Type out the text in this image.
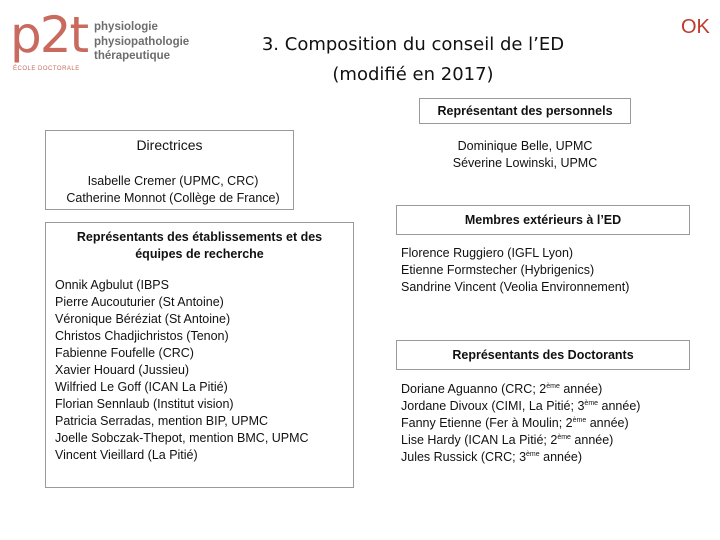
p2t physiologie
physiopathologie
thérapeutique
ÉCOLE DOCTORALE
3. Composition du conseil de l’ED
(modifié en 2017)
OK
Directrices
Isabelle Cremer (UPMC, CRC)
Catherine Monnot (Collège de France)
Représentants des établissements et des
équipes de recherche
Onnik Agbulut (IBPS
Pierre Aucouturier (St Antoine)
Véronique Béréziat (St Antoine)
Christos Chadjichristos (Tenon)
Fabienne Foufelle (CRC)
Xavier Houard (Jussieu)
Wilfried Le Goff (ICAN La Pitié)
Florian Sennlaub (Institut vision)
Patricia Serradas, mention BIP, UPMC
Joelle Sobczak-Thepot, mention BMC, UPMC
Vincent Vieillard (La Pitié)
Représentant des personnels
Dominique Belle, UPMC
Séverine Lowinski, UPMC
Membres extérieurs à l’ED
Florence Ruggiero (IGFL Lyon)
Etienne Formstecher (Hybrigenics)
Sandrine Vincent (Veolia Environnement)
Représentants des Doctorants
Doriane Aguanno (CRC; 2ème année)
Jordane Divoux (CIMI, La Pitié; 3ème année)
Fanny Etienne (Fer à Moulin; 2ème année)
Lise Hardy (ICAN La Pitié; 2ème année)
Jules Russick (CRC; 3ème année)
